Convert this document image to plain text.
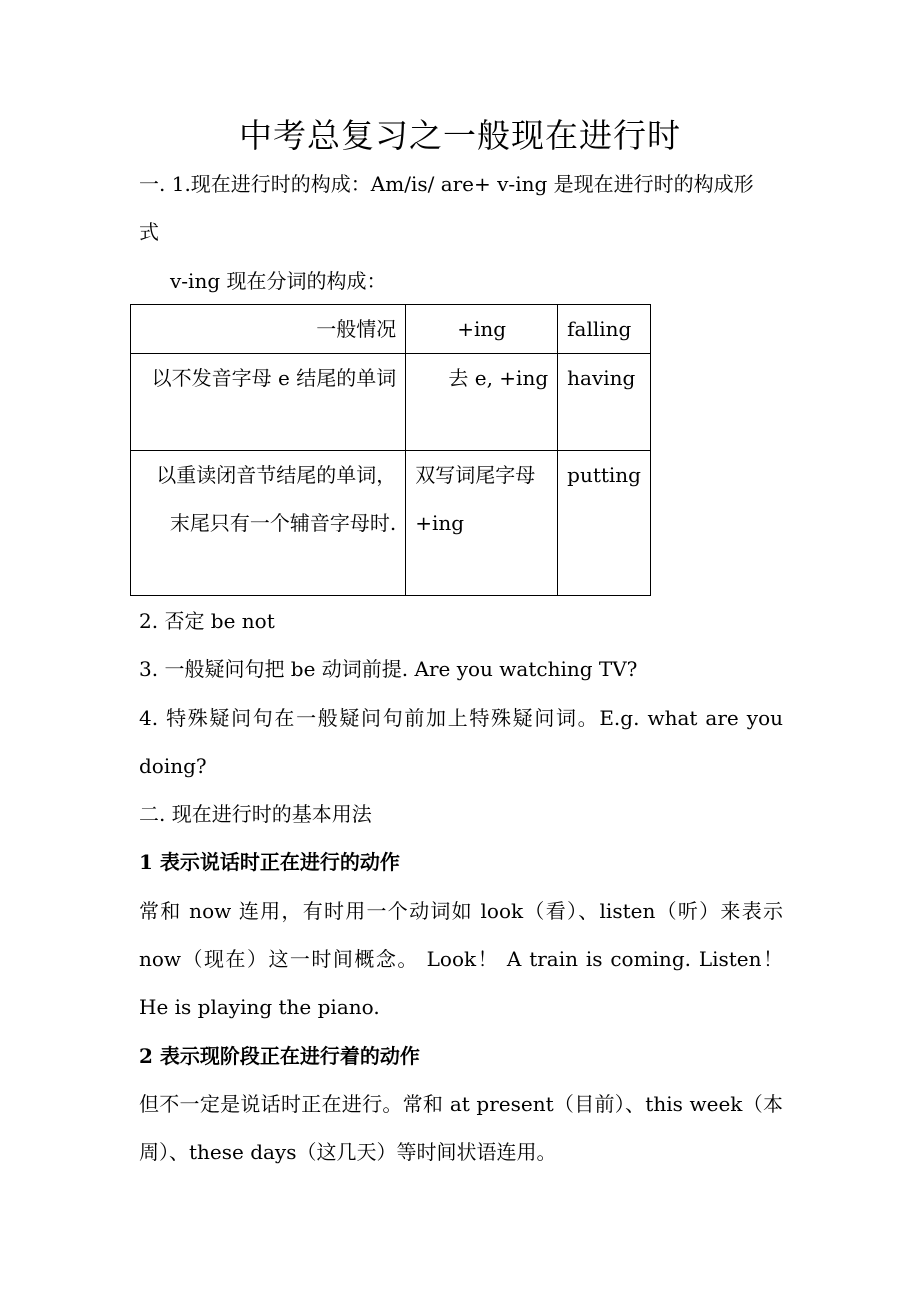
中考总复习之一般现在进行时

一. 1.现在进行时的构成：Am/is/ are+ v-ing 是现在进行时的构成形

式

v-ing 现在分词的构成：

一般情况	+ing	falling
以不发音字母 e 结尾的单词	去 e, +ing	having
以重读闭音节结尾的单词，末尾只有一个辅音字母时.	双写词尾字母+ing	putting

2. 否定 be not

3. 一般疑问句把 be 动词前提. Are you watching TV?

4. 特殊疑问句在一般疑问句前加上特殊疑问词。E.g. what are you doing?

二. 现在进行时的基本用法

1 表示说话时正在进行的动作

常和 now 连用，有时用一个动词如 look（看）、listen（听）来表示 now（现在）这一时间概念。 Look！ A train is coming. Listen！ He is playing the piano.

2 表示现阶段正在进行着的动作

但不一定是说话时正在进行。常和 at present（目前）、this week（本周）、these days（这几天）等时间状语连用。
